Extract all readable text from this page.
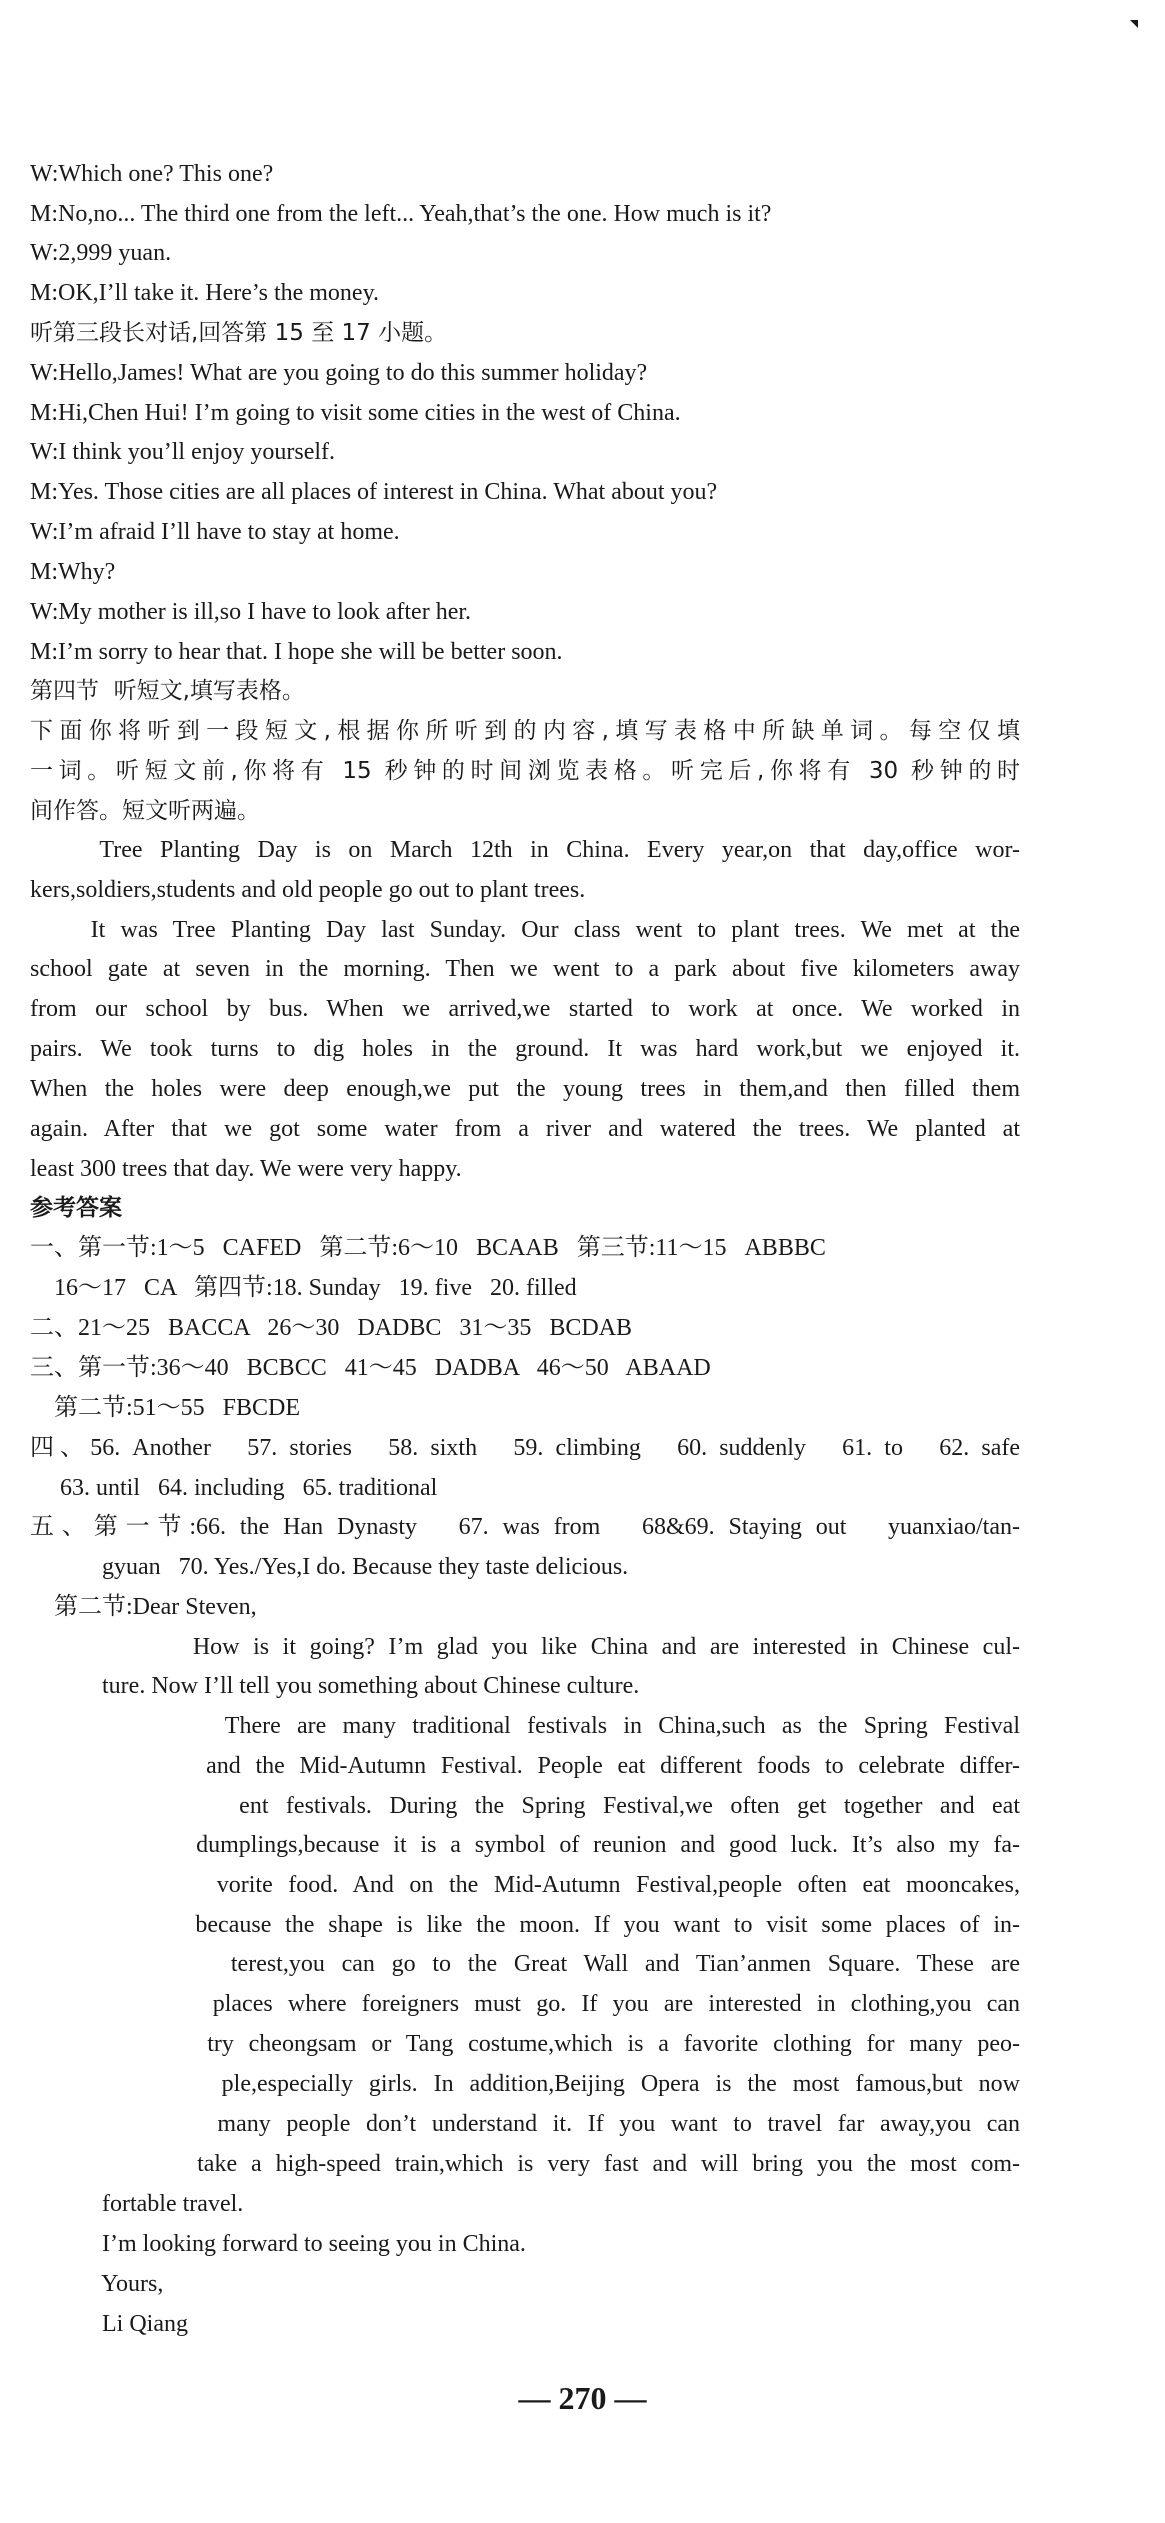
W:Which one? This one?
M:No,no... The third one from the left... Yeah,that’s the one. How much is it?
W:2,999 yuan.
M:OK,I’ll take it. Here’s the money.
听第三段长对话,回答第 15 至 17 小题。
W:Hello,James! What are you going to do this summer holiday?
M:Hi,Chen Hui! I’m going to visit some cities in the west of China.
W:I think you’ll enjoy yourself.
M:Yes. Those cities are all places of interest in China. What about you?
W:I’m afraid I’ll have to stay at home.
M:Why?
W:My mother is ill,so I have to look after her.
M:I’m sorry to hear that. I hope she will be better soon.
第四节  听短文,填写表格。
下面你将听到一段短文,根据你所听到的内容,填写表格中所缺单词。每空仅填
一词。听短文前,你将有 15 秒钟的时间浏览表格。听完后,你将有 30 秒钟的时
间作答。短文听两遍。
Tree Planting Day is on March 12th in China. Every year,on that day,office wor-
kers,soldiers,students and old people go out to plant trees.
It was Tree Planting Day last Sunday. Our class went to plant trees. We met at the
school gate at seven in the morning. Then we went to a park about five kilometers away
from our school by bus. When we arrived,we started to work at once. We worked in
pairs. We took turns to dig holes in the ground. It was hard work,but we enjoyed it.
When the holes were deep enough,we put the young trees in them,and then filled them
again. After that we got some water from a river and watered the trees. We planted at
least 300 trees that day. We were very happy.
参考答案
一、第一节:1～5   CAFED   第二节:6～10   BCAAB   第三节:11～15   ABBBC
16～17   CA   第四节:18. Sunday   19. five   20. filled
二、21～25   BACCA   26～30   DADBC   31～35   BCDAB
三、第一节:36～40   BCBCC   41～45   DADBA   46～50   ABAAD
第二节:51～55   FBCDE
四、56. Another   57. stories   58. sixth   59. climbing   60. suddenly   61. to   62. safe
63. until   64. including   65. traditional
五、第一节:66. the Han Dynasty   67. was from   68&69. Staying out   yuanxiao/tan-
gyuan   70. Yes./Yes,I do. Because they taste delicious.
第二节:Dear Steven,
How is it going? I’m glad you like China and are interested in Chinese cul-
ture. Now I’ll tell you something about Chinese culture.
There are many traditional festivals in China,such as the Spring Festival
and the Mid-Autumn Festival. People eat different foods to celebrate differ-
ent festivals. During the Spring Festival,we often get together and eat
dumplings,because it is a symbol of reunion and good luck. It’s also my fa-
vorite food. And on the Mid-Autumn Festival,people often eat mooncakes,
because the shape is like the moon. If you want to visit some places of in-
terest,you can go to the Great Wall and Tian’anmen Square. These are
places where foreigners must go. If you are interested in clothing,you can
try cheongsam or Tang costume,which is a favorite clothing for many peo-
ple,especially girls. In addition,Beijing Opera is the most famous,but now
many people don’t understand it. If you want to travel far away,you can
take a high-speed train,which is very fast and will bring you the most com-
fortable travel.
I’m looking forward to seeing you in China.
Yours,
Li Qiang
— 270 —
